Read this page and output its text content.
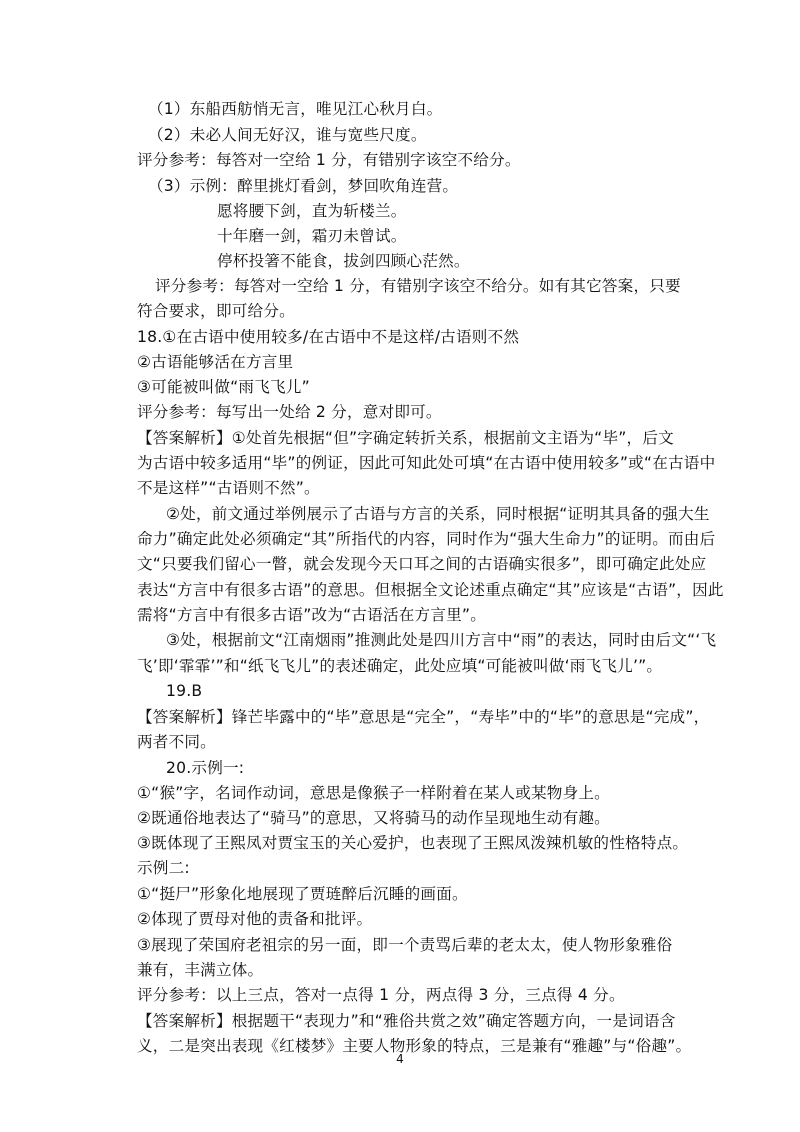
（1）东船西舫悄无言，唯见江心秋月白。
（2）未必人间无好汉，谁与宽些尺度。
评分参考：每答对一空给 1 分，有错别字该空不给分。
（3）示例：醉里挑灯看剑，梦回吹角连营。
愿将腰下剑，直为斩楼兰。
十年磨一剑，霜刃未曾试。
停杯投箸不能食，拔剑四顾心茫然。
评分参考：每答对一空给 1 分，有错别字该空不给分。如有其它答案，只要
符合要求，即可给分。
18.①在古语中使用较多/在古语中不是这样/古语则不然
②古语能够活在方言里
③可能被叫做“雨飞飞儿”
评分参考：每写出一处给 2 分，意对即可。
【答案解析】①处首先根据“但”字确定转折关系，根据前文主语为“毕”，后文
为古语中较多适用“毕”的例证，因此可知此处可填“在古语中使用较多”或“在古语中
不是这样”“古语则不然”。
②处，前文通过举例展示了古语与方言的关系，同时根据“证明其具备的强大生
命力”确定此处必须确定“其”所指代的内容，同时作为“强大生命力”的证明。而由后
文“只要我们留心一瞥，就会发现今天口耳之间的古语确实很多”，即可确定此处应
表达“方言中有很多古语”的意思。但根据全文论述重点确定“其”应该是“古语”，因此
需将“方言中有很多古语”改为“古语活在方言里”。
③处，根据前文“江南烟雨”推测此处是四川方言中“雨”的表达，同时由后文“‘飞
飞’即‘霏霏’”和“纸飞飞儿”的表述确定，此处应填“可能被叫做‘雨飞飞儿’”。
19.B
【答案解析】锋芒毕露中的“毕”意思是“完全”，“寿毕”中的“毕”的意思是“完成”，
两者不同。
20.示例一:
①“猴”字，名词作动词，意思是像猴子一样附着在某人或某物身上。
②既通俗地表达了“骑马”的意思，又将骑马的动作呈现地生动有趣。
③既体现了王熙凤对贾宝玉的关心爱护，也表现了王熙凤泼辣机敏的性格特点。
示例二:
①“挺尸”形象化地展现了贾琏醉后沉睡的画面。
②体现了贾母对他的责备和批评。
③展现了荣国府老祖宗的另一面，即一个责骂后辈的老太太，使人物形象雅俗
兼有，丰满立体。
评分参考：以上三点，答对一点得 1 分，两点得 3 分，三点得 4 分。
【答案解析】根据题干“表现力”和“雅俗共赏之效”确定答题方向，一是词语含
义，二是突出表现《红楼梦》主要人物形象的特点，三是兼有“雅趣”与“俗趣”。
4
